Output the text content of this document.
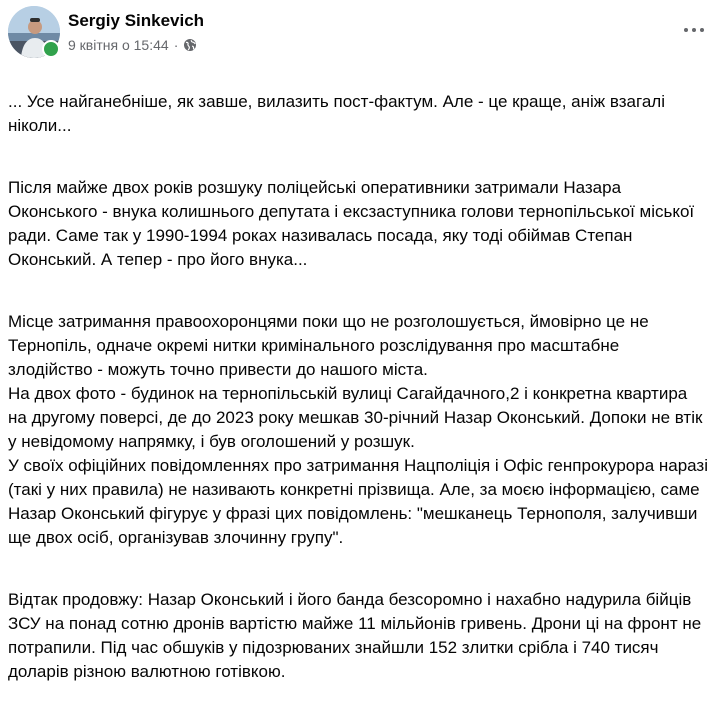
Sergiy Sinkevich
9 квітня о 15:44 ·

... Усе найганебніше, як завше, вилазить пост-фактум. Але - це краще, аніж взагалі ніколи...

Після майже двох років розшуку поліцейські оперативники затримали Назара Оконського - внука колишнього депутата і ексзаступника голови тернопільської міської ради. Саме так у 1990-1994 роках називалась посада, яку тоді обіймав Степан Оконський. А тепер - про його внука...

Місце затримання правоохоронцями поки що не розголошується, ймовірно це не Тернопіль, одначе окремі нитки кримінального розслідування про масштабне злодійство - можуть точно привести до нашого міста.
На двох фото - будинок на тернопільській вулиці Сагайдачного,2 і конкретна квартира на другому поверсі, де до 2023 року мешкав 30-річний Назар Оконський. Допоки не втік у невідомому напрямку, і був оголошений у розшук.
У своїх офіційних повідомленнях про затримання Нацполіція і Офіс генпрокурора наразі (такі у них правила) не називають конкретні прізвища. Але, за моєю інформацією, саме Назар Оконський фігурує у фразі цих повідомлень: "мешканець Тернополя, залучивши ще двох осіб, організував злочинну групу".

Відтак продовжу: Назар Оконський і його банда безсоромно і нахабно надурила бійців ЗСУ на понад сотню дронів вартістю майже 11 мільйонів гривень. Дрони ці на фронт не потрапили. Під час обшуків у підозрюваних знайшли 152 злитки срібла і 740 тисяч доларів різною валютною готівкою.
